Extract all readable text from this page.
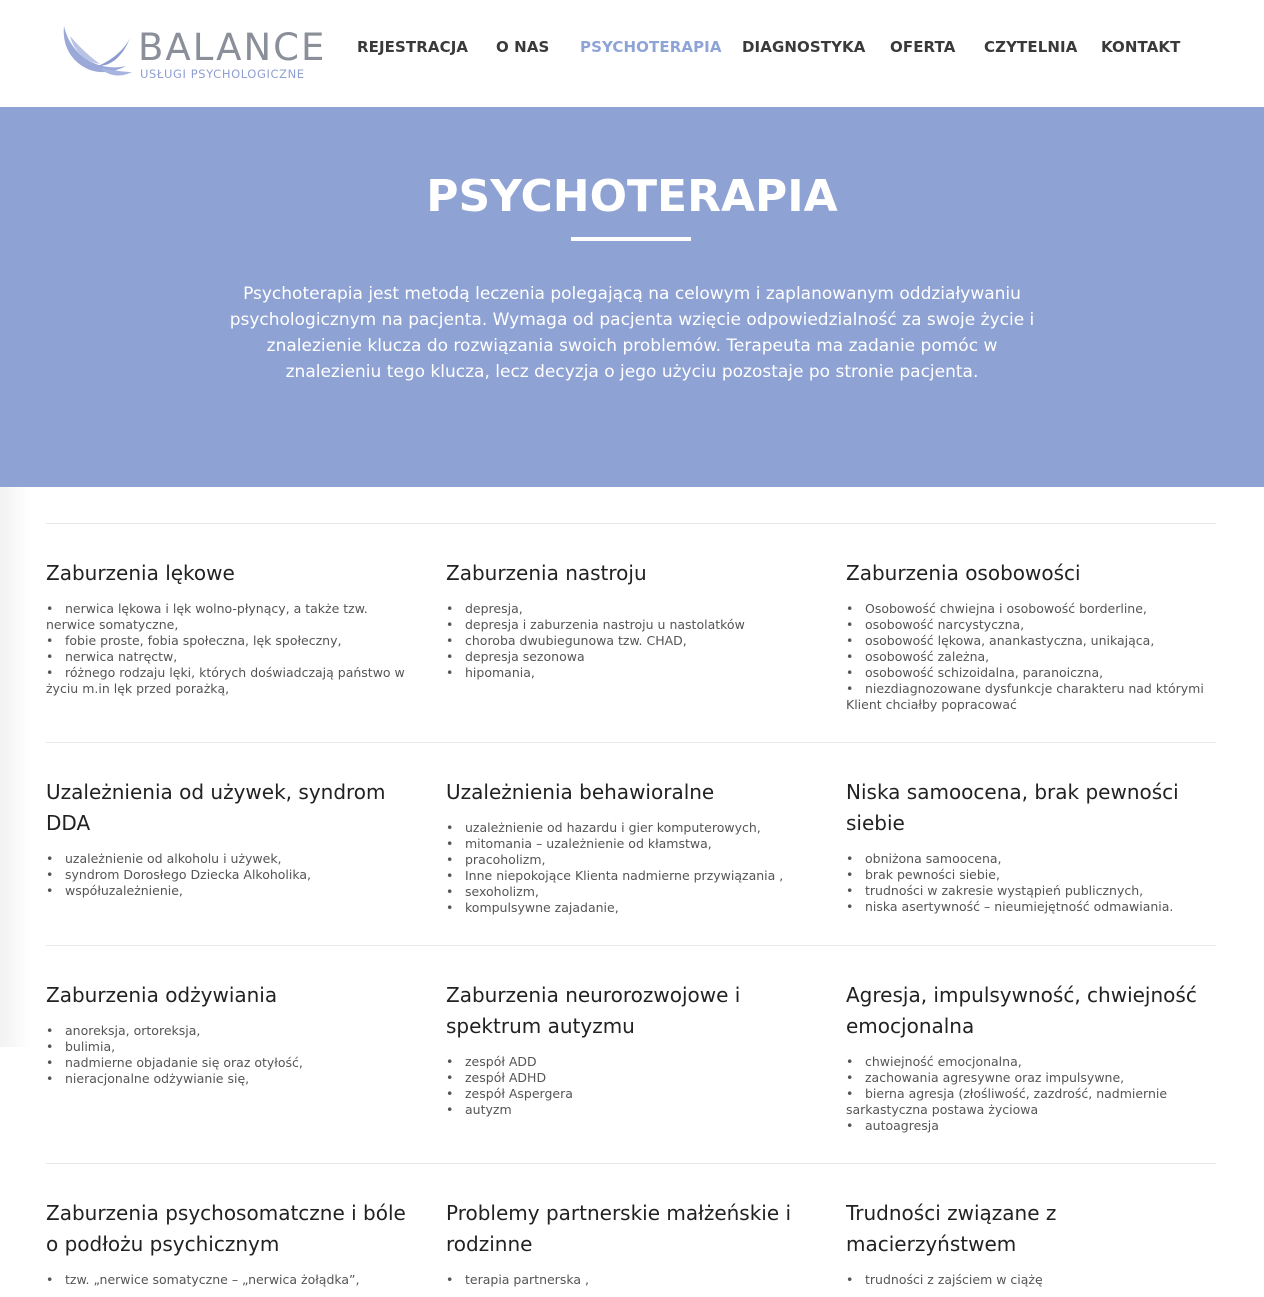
BALANCE
USŁUGI PSYCHOLOGICZNE
REJESTRACJA O NAS PSYCHOTERAPIA DIAGNOSTYKA OFERTA CZYTELNIA KONTAKT
PSYCHOTERAPIA

Psychoterapia jest metodą leczenia polegającą na celowym i zaplanowanym oddziaływaniu psychologicznym na pacjenta. Wymaga od pacjenta wzięcie odpowiedzialność za swoje życie i znalezienie klucza do rozwiązania swoich problemów. Terapeuta ma zadanie pomóc w znalezieniu tego klucza, lecz decyzja o jego użyciu pozostaje po stronie pacjenta.

Zaburzenia lękowe
• nerwica lękowa i lęk wolno-płynący, a także tzw. nerwice somatyczne,
• fobie proste, fobia społeczna, lęk społeczny,
• nerwica natręctw,
• różnego rodzaju lęki, których doświadczają państwo w życiu m.in lęk przed porażką,
Zaburzenia nastroju
• depresja,
• depresja i zaburzenia nastroju u nastolatków
• choroba dwubiegunowa tzw. CHAD,
• depresja sezonowa
• hipomania,
Zaburzenia osobowości
• Osobowość chwiejna i osobowość borderline,
• osobowość narcystyczna,
• osobowość lękowa, anankastyczna, unikająca,
• osobowość zależna,
• osobowość schizoidalna, paranoiczna,
• niezdiagnozowane dysfunkcje charakteru nad którymi Klient chciałby popracować
Uzależnienia od używek, syndrom DDA
• uzależnienie od alkoholu i używek,
• syndrom Dorosłego Dziecka Alkoholika,
• współuzależnienie,
Uzależnienia behawioralne
• uzależnienie od hazardu i gier komputerowych,
• mitomania – uzależnienie od kłamstwa,
• pracoholizm,
• Inne niepokojące Klienta nadmierne przywiązania ,
• sexoholizm,
• kompulsywne zajadanie,
Niska samoocena, brak pewności siebie
• obniżona samoocena,
• brak pewności siebie,
• trudności w zakresie wystąpień publicznych,
• niska asertywność – nieumiejętność odmawiania.
Zaburzenia odżywiania
• anoreksja, ortoreksja,
• bulimia,
• nadmierne objadanie się oraz otyłość,
• nieracjonalne odżywianie się,
Zaburzenia neurorozwojowe i spektrum autyzmu
• zespół ADD
• zespół ADHD
• zespół Aspergera
• autyzm
Agresja, impulsywność, chwiejność emocjonalna
• chwiejność emocjonalna,
• zachowania agresywne oraz impulsywne,
• bierna agresja (złośliwość, zazdrość, nadmiernie sarkastyczna postawa życiowa
• autoagresja
Zaburzenia psychosomatczne i bóle o podłożu psychicznym
• tzw. „nerwice somatyczne – „nerwica żołądka”,
Problemy partnerskie małżeńskie i rodzinne
• terapia partnerska ,
Trudności związane z macierzyństwem
• trudności z zajściem w ciążę
